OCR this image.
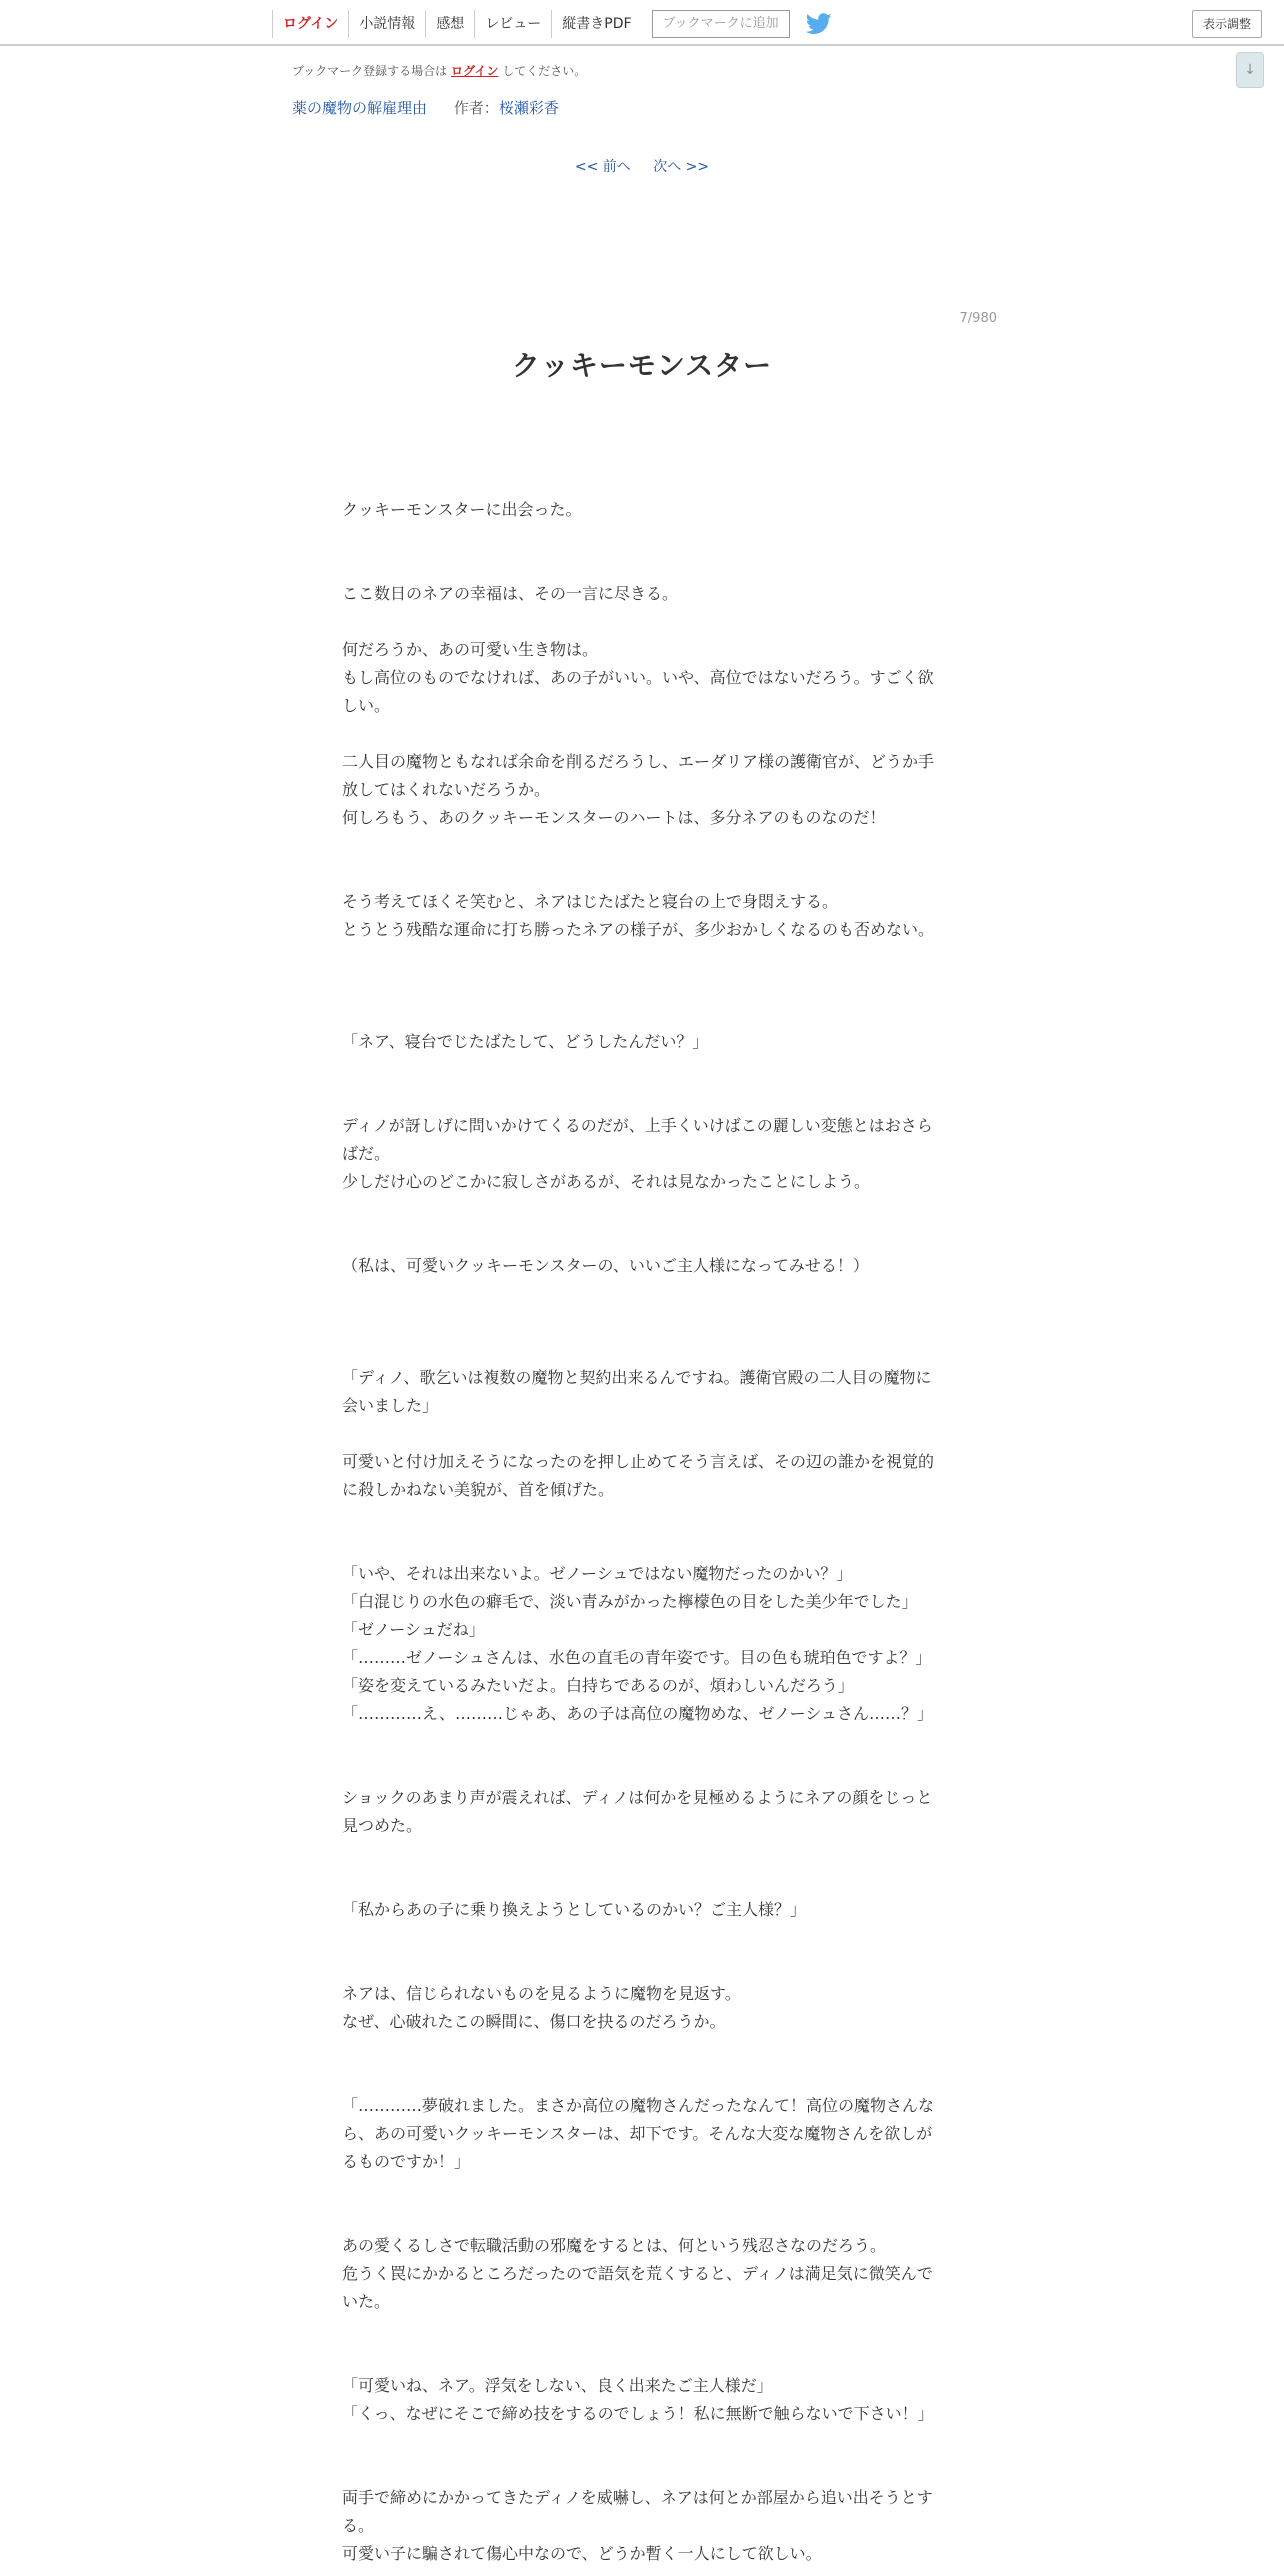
ログイン	小説情報	感想	レビュー	縦書きPDF	ブックマークに追加	表示調整
↓
ブックマーク登録する場合は ログイン してください。
薬の魔物の解雇理由 作者：桜瀬彩香
<< 前へ 次へ >>
7/980
クッキーモンスター

クッキーモンスターに出会った。

ここ数日のネアの幸福は、その一言に尽きる。

何だろうか、あの可愛い生き物は。

もし高位のものでなければ、あの子がいい。いや、高位ではないだろう。すごく欲

しい。

二人目の魔物ともなれば余命を削るだろうし、エーダリア様の護衛官が、どうか手

放してはくれないだろうか。

何しろもう、あのクッキーモンスターのハートは、多分ネアのものなのだ！

そう考えてほくそ笑むと、ネアはじたばたと寝台の上で身悶えする。

とうとう残酷な運命に打ち勝ったネアの様子が、多少おかしくなるのも否めない。

「ネア、寝台でじたばたして、どうしたんだい？」

ディノが訝しげに問いかけてくるのだが、上手くいけばこの麗しい変態とはおさら

ばだ。

少しだけ心のどこかに寂しさがあるが、それは見なかったことにしよう。

（私は、可愛いクッキーモンスターの、いいご主人様になってみせる！）

「ディノ、歌乞いは複数の魔物と契約出来るんですね。護衛官殿の二人目の魔物に

会いました」

可愛いと付け加えそうになったのを押し止めてそう言えば、その辺の誰かを視覚的

に殺しかねない美貌が、首を傾げた。

「いや、それは出来ないよ。ゼノーシュではない魔物だったのかい？」

「白混じりの水色の癖毛で、淡い青みがかった檸檬色の目をした美少年でした」

「ゼノーシュだね」

「………ゼノーシュさんは、水色の直毛の青年姿です。目の色も琥珀色ですよ？」

「姿を変えているみたいだよ。白持ちであるのが、煩わしいんだろう」

「…………え、………じゃあ、あの子は高位の魔物めな、ゼノーシュさん……？」

ショックのあまり声が震えれば、ディノは何かを見極めるようにネアの顔をじっと

見つめた。

「私からあの子に乗り換えようとしているのかい？ご主人様？」

ネアは、信じられないものを見るように魔物を見返す。

なぜ、心破れたこの瞬間に、傷口を抉るのだろうか。

「…………夢破れました。まさか高位の魔物さんだったなんて！高位の魔物さんな

ら、あの可愛いクッキーモンスターは、却下です。そんな大変な魔物さんを欲しが

るものですか！」

あの愛くるしさで転職活動の邪魔をするとは、何という残忍さなのだろう。

危うく罠にかかるところだったので語気を荒くすると、ディノは満足気に微笑んで

いた。

「可愛いね、ネア。浮気をしない、良く出来たご主人様だ」

「くっ、なぜにそこで締め技をするのでしょう！私に無断で触らないで下さい！」

両手で締めにかかってきたディノを威嚇し、ネアは何とか部屋から追い出そうとす

る。

可愛い子に騙されて傷心中なので、どうか暫く一人にして欲しい。
